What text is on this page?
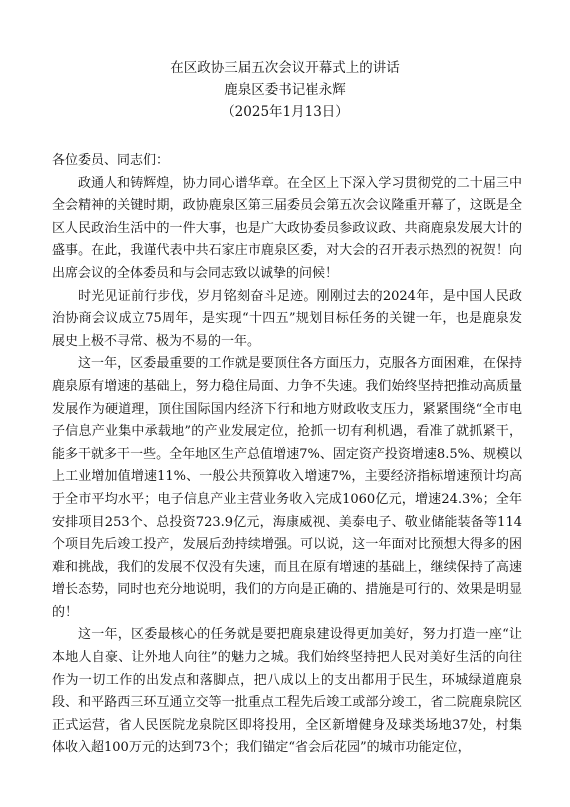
在区政协三届五次会议开幕式上的讲话
鹿泉区委书记崔永辉
（2025年1月13日）

各位委员、同志们：

政通人和铸辉煌，协力同心谱华章。在全区上下深入学习贯彻党的二十届三中全会精神的关键时期，政协鹿泉区第三届委员会第五次会议隆重开幕了，这既是全区人民政治生活中的一件大事，也是广大政协委员参政议政、共商鹿泉发展大计的盛事。在此，我谨代表中共石家庄市鹿泉区委，对大会的召开表示热烈的祝贺！向出席会议的全体委员和与会同志致以诚挚的问候！

时光见证前行步伐，岁月铭刻奋斗足迹。刚刚过去的2024年，是中国人民政治协商会议成立75周年，是实现“十四五”规划目标任务的关键一年，也是鹿泉发展史上极不寻常、极为不易的一年。

这一年，区委最重要的工作就是要顶住各方面压力，克服各方面困难，在保持鹿泉原有增速的基础上，努力稳住局面、力争不失速。我们始终坚持把推动高质量发展作为硬道理，顶住国际国内经济下行和地方财政收支压力，紧紧围绕“全市电子信息产业集中承载地”的产业发展定位，抢抓一切有利机遇，看准了就抓紧干，能多干就多干一些。全年地区生产总值增速7%、固定资产投资增速8.5%、规模以上工业增加值增速11%、一般公共预算收入增速7%，主要经济指标增速预计均高于全市平均水平；电子信息产业主营业务收入完成1060亿元，增速24.3%；全年安排项目253个、总投资723.9亿元，海康威视、美泰电子、敬业储能装备等114个项目先后竣工投产，发展后劲持续增强。可以说，这一年面对比预想大得多的困难和挑战，我们的发展不仅没有失速，而且在原有增速的基础上，继续保持了高速增长态势，同时也充分地说明，我们的方向是正确的、措施是可行的、效果是明显的！

这一年，区委最核心的任务就是要把鹿泉建设得更加美好，努力打造一座“让本地人自豪、让外地人向往”的魅力之城。我们始终坚持把人民对美好生活的向往作为一切工作的出发点和落脚点，把八成以上的支出都用于民生，环城绿道鹿泉段、和平路西三环互通立交等一批重点工程先后竣工或部分竣工，省二院鹿泉院区正式运营，省人民医院龙泉院区即将投用，全区新增健身及球类场地37处，村集体收入超100万元的达到73个；我们锚定“省会后花园”的城市功能定位，
